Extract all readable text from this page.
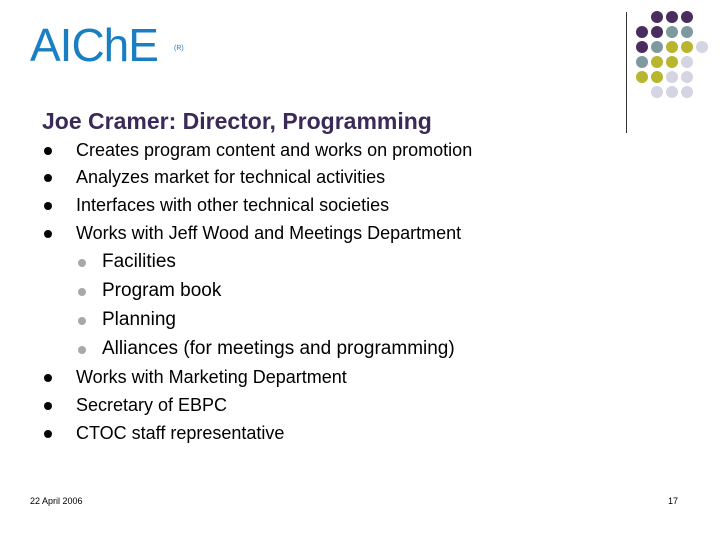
AIChE (R)
Joe Cramer: Director, Programming
Creates program content and works on promotion
Analyzes market for technical activities
Interfaces with other technical societies
Works with Jeff Wood and Meetings Department
Facilities
Program book
Planning
Alliances (for meetings and programming)
Works with Marketing Department
Secretary of EBPC
CTOC staff representative
22 April 2006	17
